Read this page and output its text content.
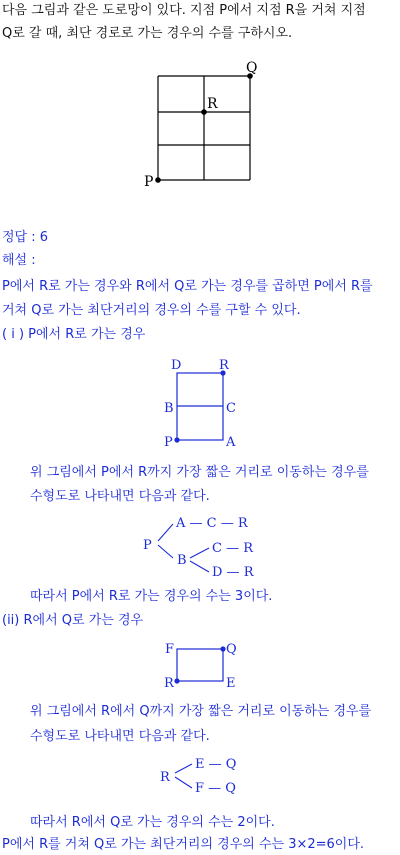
다음 그림과 같은 도로망이 있다. 지점 P에서 지점 R을 거쳐 지점
Q로 갈 때, 최단 경로로 가는 경우의 수를 구하시오.
Q
R
P
정답 : 6
해설 :
P에서 R로 가는 경우와 R에서 Q로 가는 경우를 곱하면 P에서 R를
거쳐 Q로 가는 최단거리의 경우의 수를 구할 수 있다.
( i ) P에서 R로 가는 경우
D	R
B	C
P	A
위 그림에서 P에서 R까지 가장 짧은 거리로 이동하는 경우를
수형도로 나타내면 다음과 같다.
P
A — C — R
B
C — R
D — R
따라서 P에서 R로 가는 경우의 수는 3이다.
(ii) R에서 Q로 가는 경우
F	Q
R	E
위 그림에서 R에서 Q까지 가장 짧은 거리로 이동하는 경우를
수형도로 나타내면 다음과 같다.
R
E — Q
F — Q
따라서 R에서 Q로 가는 경우의 수는 2이다.
P에서 R를 거쳐 Q로 가는 최단거리의 경우의 수는 3×2=6이다.
